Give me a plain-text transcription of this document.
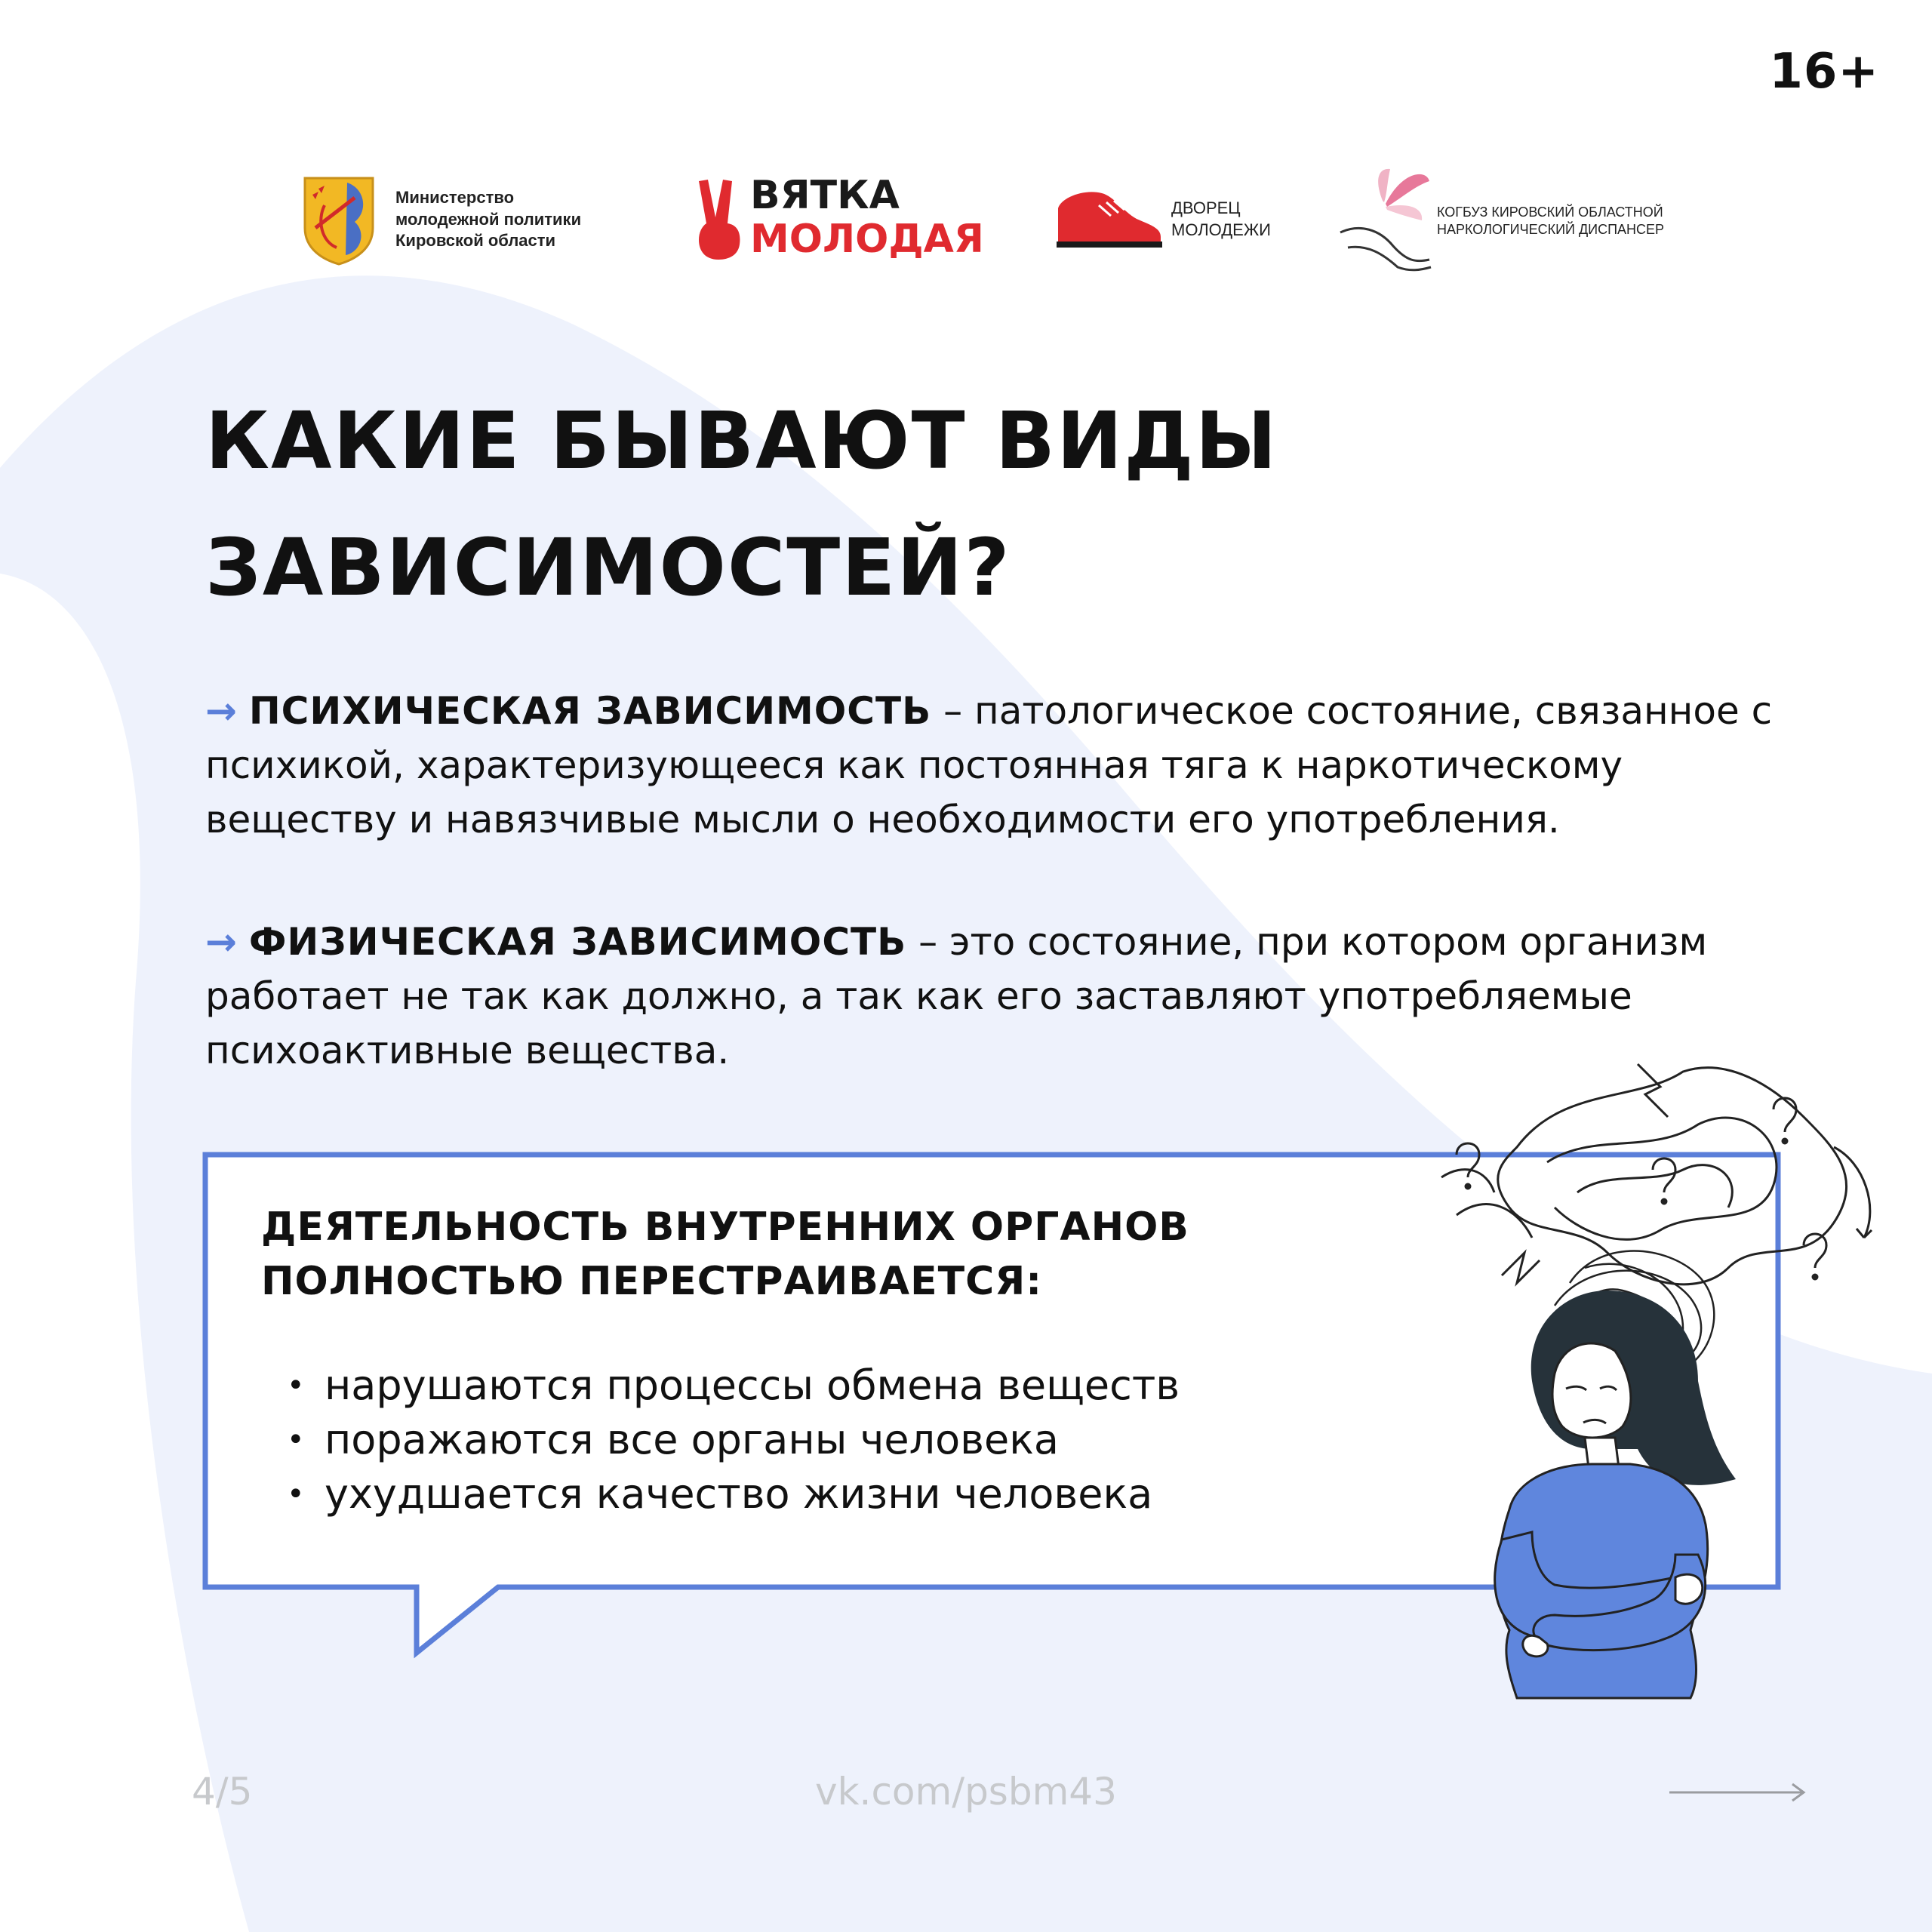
16+
Министерство
молодежной политики
Кировской области
ВЯТКА
МОЛОДАЯ
ДВОРЕЦ
МОЛОДЕЖИ
КОГБУЗ КИРОВСКИЙ ОБЛАСТНОЙ
НАРКОЛОГИЧЕСКИЙ ДИСПАНСЕР
КАКИЕ БЫВАЮТ ВИДЫ
ЗАВИСИМОСТЕЙ?
→ ПСИХИЧЕСКАЯ ЗАВИСИМОСТЬ – патологическое состояние, связанное с психикой, характеризующееся как постоянная тяга к наркотическому веществу и навязчивые мысли о необходимости его употребления.
→ ФИЗИЧЕСКАЯ ЗАВИСИМОСТЬ – это состояние, при котором организм работает не так как должно, а так как его заставляют употребляемые психоактивные вещества.
ДЕЯТЕЛЬНОСТЬ ВНУТРЕННИХ ОРГАНОВ ПОЛНОСТЬЮ ПЕРЕСТРАИВАЕТСЯ:
• нарушаются процессы обмена веществ
• поражаются все органы человека
• ухудшается качество жизни человека
4/5	vk.com/psbm43
